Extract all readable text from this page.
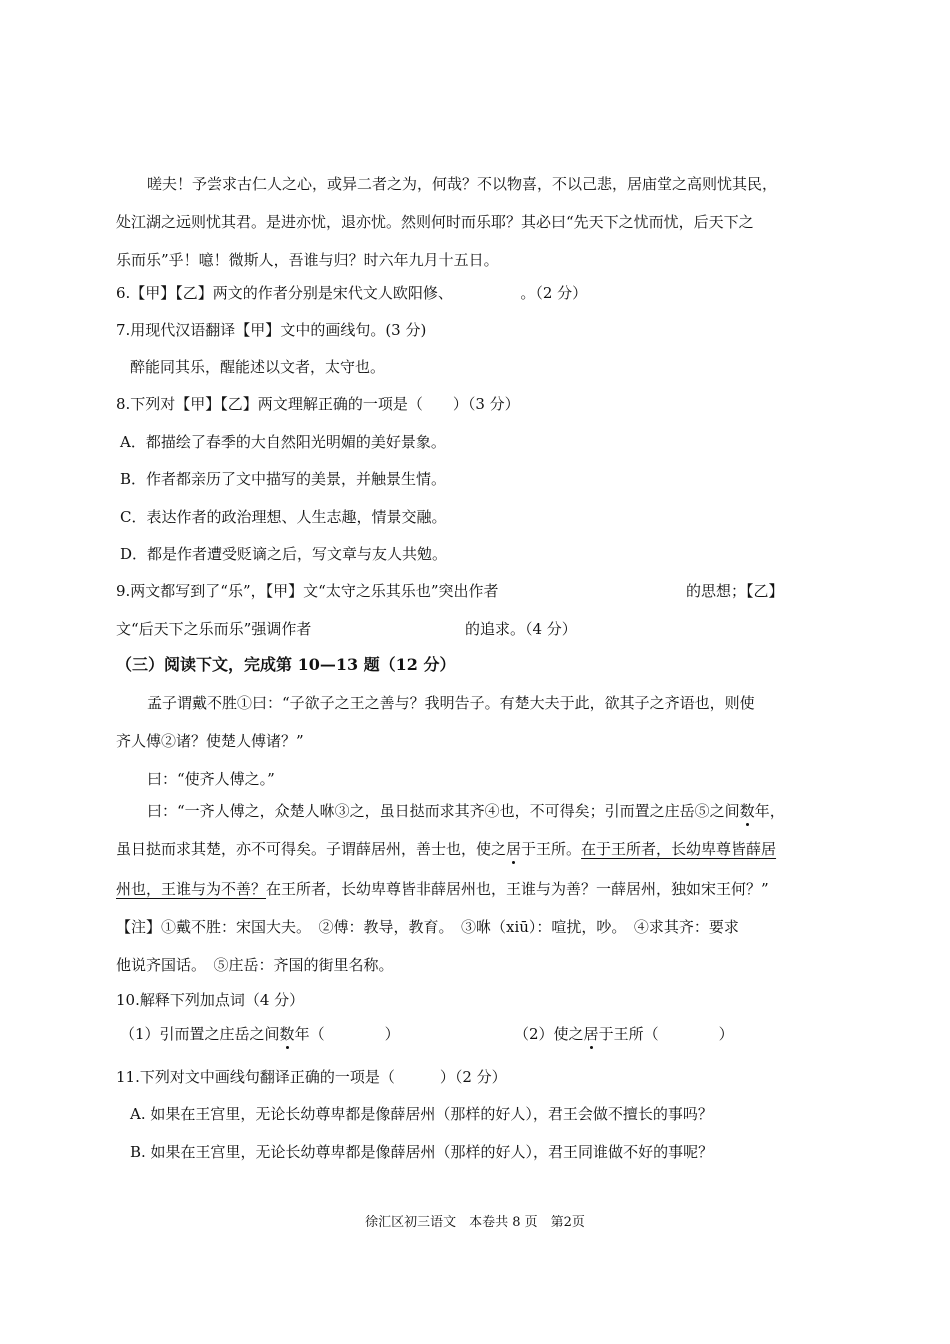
嗟夫！予尝求古仁人之心，或异二者之为，何哉？不以物喜，不以己悲，居庙堂之高则忧其民，
处江湖之远则忧其君。是进亦忧，退亦忧。然则何时而乐耶？其必曰“先天下之忧而忧，后天下之
乐而乐”乎！噫！微斯人，吾谁与归？时六年九月十五日。
6.【甲】【乙】两文的作者分别是宋代文人欧阳修、　　　　　。（2 分）
7.用现代汉语翻译【甲】文中的画线句。(3 分)
醉能同其乐，醒能述以文者，太守也。
8.下列对【甲】【乙】两文理解正确的一项是（　　）（3 分）
A．都描绘了春季的大自然阳光明媚的美好景象。
B．作者都亲历了文中描写的美景，并触景生情。
C．表达作者的政治理想、人生志趣，情景交融。
D．都是作者遭受贬谪之后，写文章与友人共勉。
9.两文都写到了“乐”，【甲】文“太守之乐其乐也”突出作者	的思想；【乙】
文“后天下之乐而乐”强调作者	的追求。（4 分）
（三）阅读下文，完成第 10—13 题（12 分）
孟子谓戴不胜①曰：“子欲子之王之善与？我明告子。有楚大夫于此，欲其子之齐语也，则使
齐人傅②诸？使楚人傅诸？”
曰：“使齐人傅之。”
曰：“一齐人傅之，众楚人咻③之，虽日挞而求其齐④也，不可得矣；引而置之庄岳⑤之间数年，
虽日挞而求其楚，亦不可得矣。子谓薛居州，善士也，使之居于王所。在于王所者，长幼卑尊皆薛居
州也，王谁与为不善？在王所者，长幼卑尊皆非薛居州也，王谁与为善？一薛居州，独如宋王何？”
【注】①戴不胜：宋国大夫。　②傅：教导，教育。　③咻（xiū）：喧扰，吵。　④求其齐：要求
他说齐国话。　⑤庄岳：齐国的街里名称。
10.解释下列加点词（4 分）
（1）引而置之庄岳之间数年（　　　　）	（2）使之居于王所（　　　　）
11.下列对文中画线句翻译正确的一项是（　　　）（2 分）
A. 如果在王宫里，无论长幼尊卑都是像薛居州（那样的好人），君王会做不擅长的事吗？
B. 如果在王宫里，无论长幼尊卑都是像薛居州（那样的好人），君王同谁做不好的事呢？
徐汇区初三语文　本卷共 8 页　第2页
